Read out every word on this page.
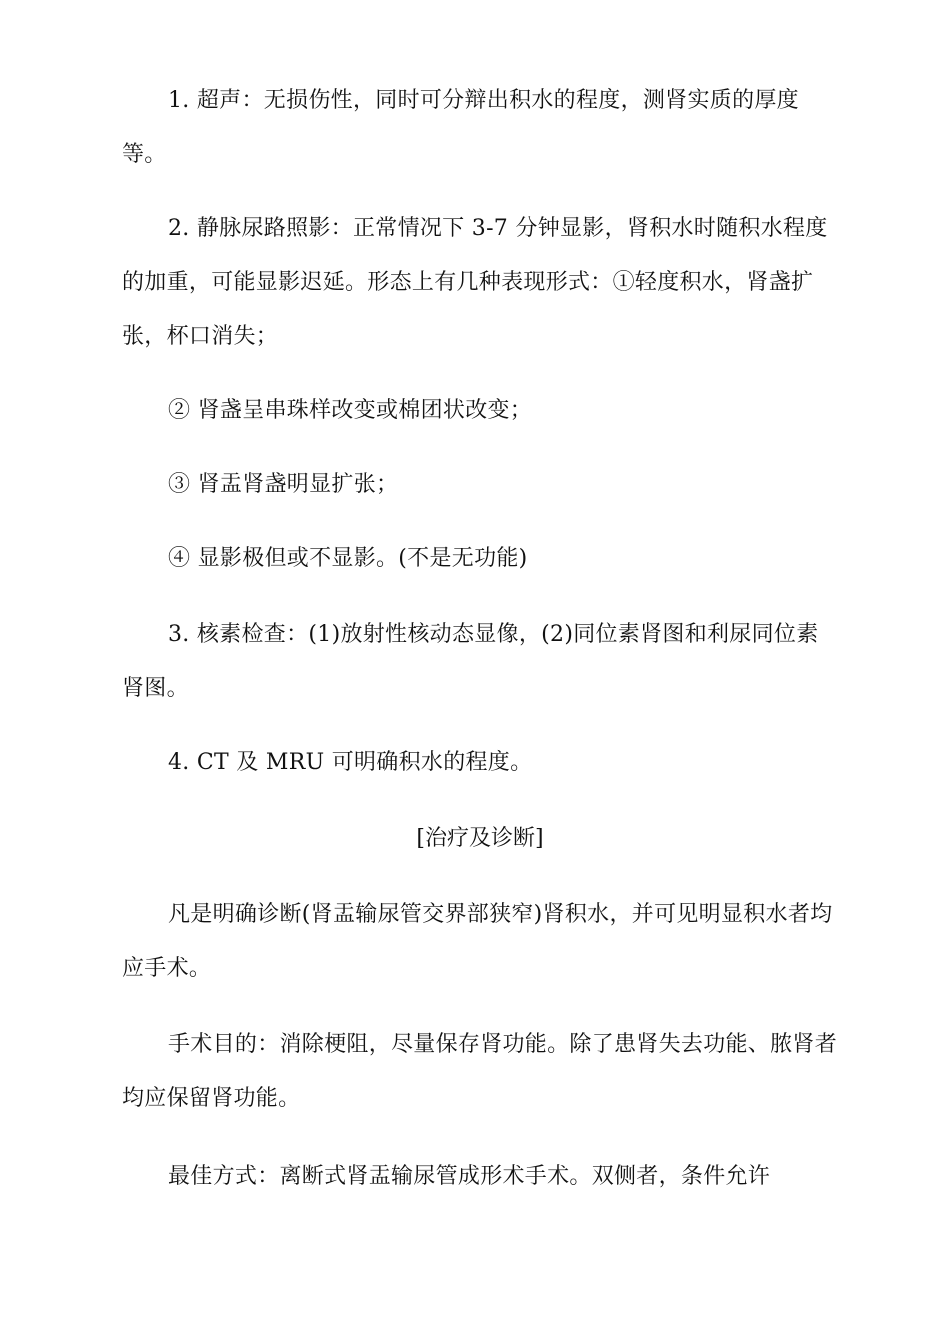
1. 超声：无损伤性，同时可分辩出积水的程度，测肾实质的厚度等。

2. 静脉尿路照影：正常情况下 3-7 分钟显影，肾积水时随积水程度的加重，可能显影迟延。形态上有几种表现形式：①轻度积水，肾盏扩张，杯口消失；

② 肾盏呈串珠样改变或棉团状改变；

③ 肾盂肾盏明显扩张；

④ 显影极但或不显影。(不是无功能)

3. 核素检查：(1)放射性核动态显像，(2)同位素肾图和利尿同位素肾图。

4. CT 及 MRU 可明确积水的程度。

[治疗及诊断]

凡是明确诊断(肾盂输尿管交界部狭窄)肾积水，并可见明显积水者均应手术。

手术目的：消除梗阻，尽量保存肾功能。除了患肾失去功能、脓肾者均应保留肾功能。

最佳方式：离断式肾盂输尿管成形术手术。双侧者，条件允许
